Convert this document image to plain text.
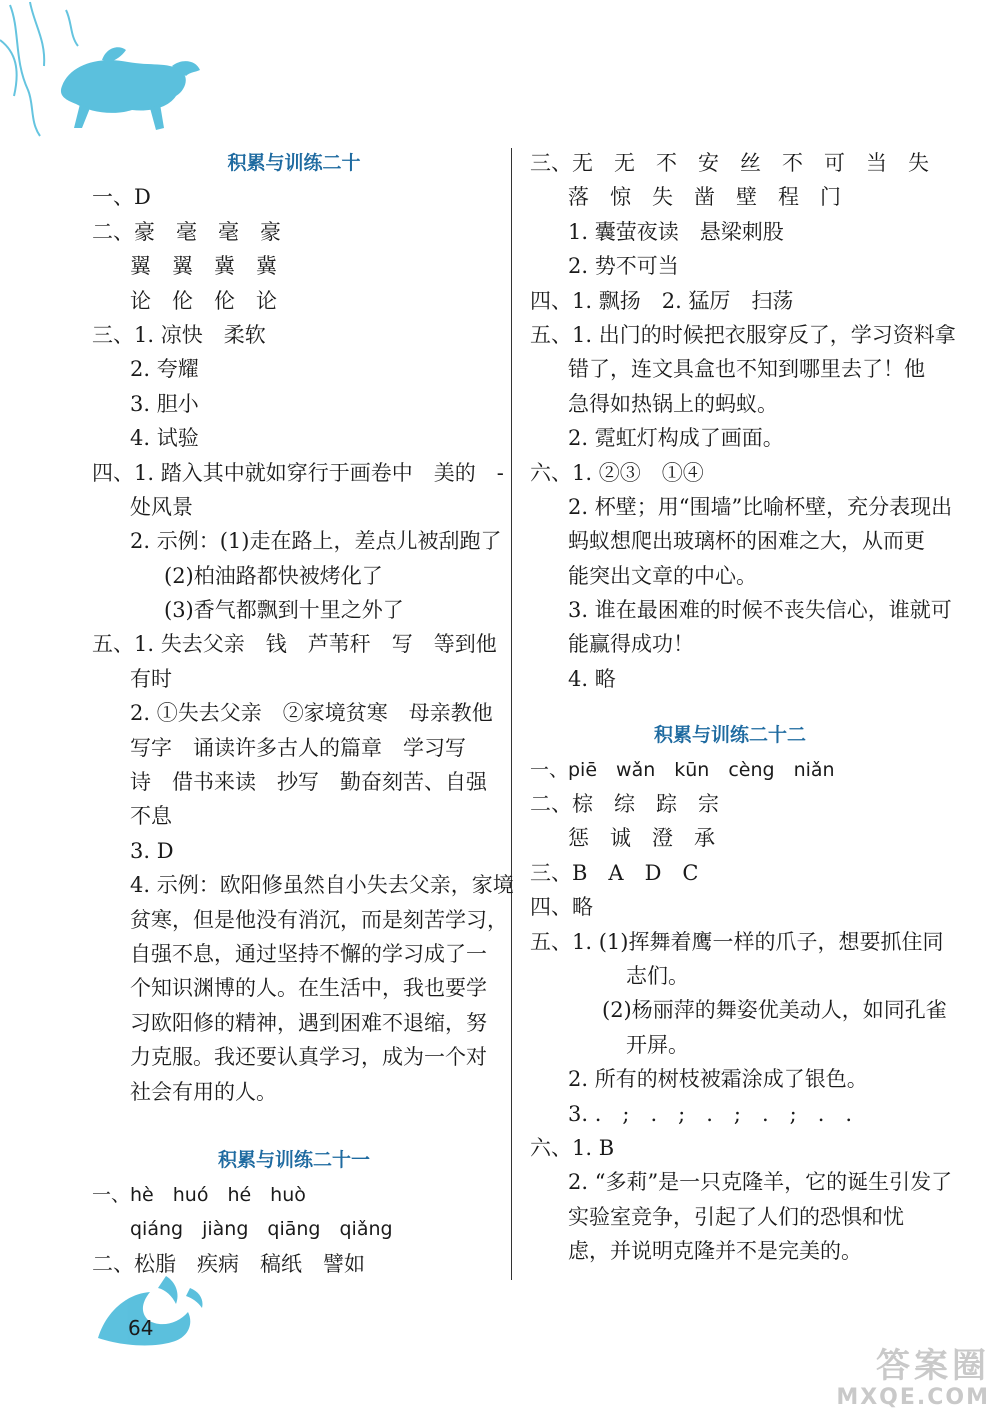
积累与训练二十
一、D
二、豪　毫　毫　豪
翼　翼　冀　冀
论　伦　伦　论
三、1. 凉快　柔软
2. 夸耀
3. 胆小
4. 试验
四、1. 踏入其中就如穿行于画卷中　美的　-
处风景
2. 示例：(1)走在路上，差点儿被刮跑了
(2)柏油路都快被烤化了
(3)香气都飘到十里之外了
五、1. 失去父亲　钱　芦苇秆　写　等到他
有时
2. ①失去父亲　②家境贫寒　母亲教他
写字　诵读许多古人的篇章　学习写
诗　借书来读　抄写　勤奋刻苦、自强
不息
3. D
4. 示例：欧阳修虽然自小失去父亲，家境
贫寒，但是他没有消沉，而是刻苦学习，
自强不息，通过坚持不懈的学习成了一
个知识渊博的人。在生活中，我也要学
习欧阳修的精神，遇到困难不退缩，努
力克服。我还要认真学习，成为一个对
社会有用的人。
积累与训练二十一
一、hè　huó　hé　huò
qiáng　jiàng　qiāng　qiǎng
二、松脂　疾病　稿纸　譬如
三、无　无　不　安　丝　不　可　当　失
落　惊　失　凿　壁　程　门
1. 囊萤夜读　悬梁刺股
2. 势不可当
四、1. 飘扬　2. 猛厉　扫荡
五、1. 出门的时候把衣服穿反了，学习资料拿
错了，连文具盒也不知到哪里去了！他
急得如热锅上的蚂蚁。
2. 霓虹灯构成了画面。
六、1. ②③　①④
2. 杯壁；用“围墙”比喻杯壁，充分表现出
蚂蚁想爬出玻璃杯的困难之大，从而更
能突出文章的中心。
3. 谁在最困难的时候不丧失信心，谁就可
能赢得成功！
4. 略
积累与训练二十二
一、piē　wǎn　kūn　cèng　niǎn
二、棕　综　踪　宗
惩　诚　澄　承
三、B　A　D　C
四、略
五、1. (1)挥舞着鹰一样的爪子，想要抓住同
志们。
(2)杨丽萍的舞姿优美动人，如同孔雀
开屏。
2. 所有的树枝被霜涂成了银色。
3. .　;　.　;　.　;　.　;　.　.
六、1. B
2. “多莉”是一只克隆羊，它的诞生引发了
实验室竞争，引起了人们的恐惧和忧
虑，并说明克隆并不是完美的。
64
答案圈
MXQE.COM
